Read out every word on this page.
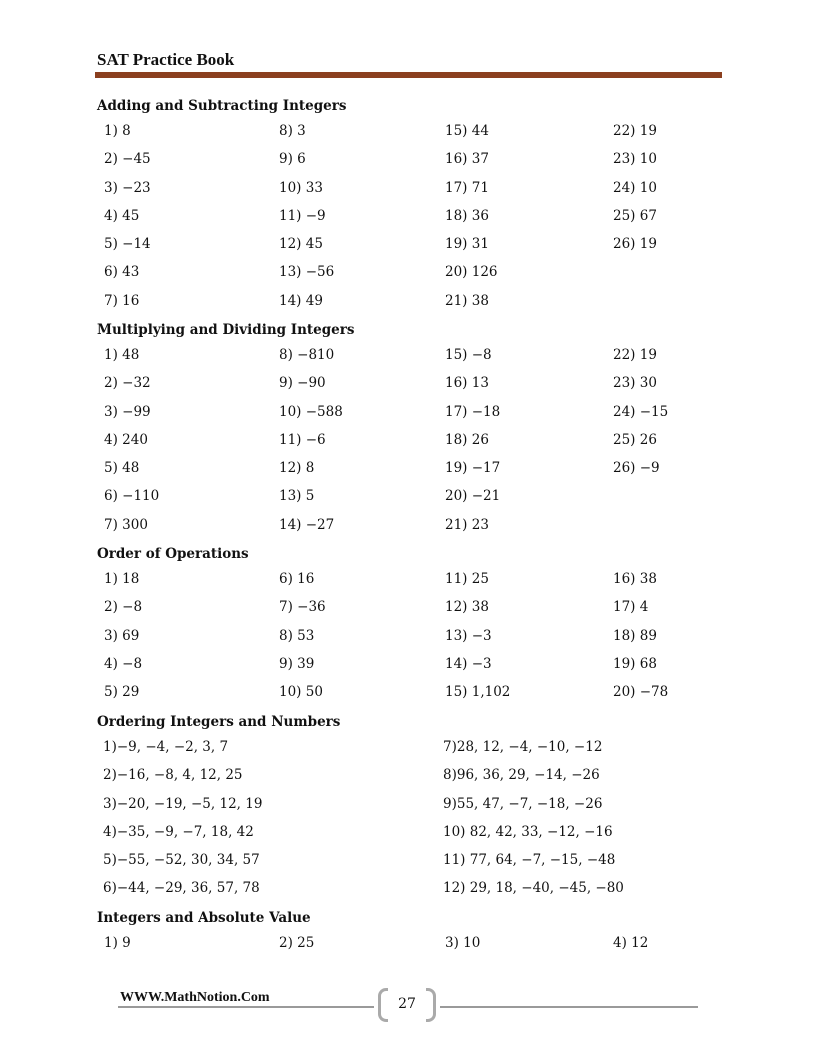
SAT Practice Book
Adding and Subtracting Integers
1) 8	8) 3	15) 44	22) 19
2) −45	9) 6	16) 37	23) 10
3) −23	10) 33	17) 71	24) 10
4) 45	11) −9	18) 36	25) 67
5) −14	12) 45	19) 31	26) 19
6) 43	13) −56	20) 126
7) 16	14) 49	21) 38
Multiplying and Dividing Integers
1) 48	8) −810	15) −8	22) 19
2) −32	9) −90	16) 13	23) 30
3) −99	10) −588	17) −18	24) −15
4) 240	11) −6	18) 26	25) 26
5) 48	12) 8	19) −17	26) −9
6) −110	13) 5	20) −21
7) 300	14) −27	21) 23
Order of Operations
1) 18	6) 16	11) 25	16) 38
2) −8	7) −36	12) 38	17) 4
3) 69	8) 53	13) −3	18) 89
4) −8	9) 39	14) −3	19) 68
5) 29	10) 50	15) 1,102	20) −78
Ordering Integers and Numbers
1)−9, −4, −2, 3, 7	7)28, 12, −4, −10, −12
2)−16, −8, 4, 12, 25	8)96, 36, 29, −14, −26
3)−20, −19, −5, 12, 19	9)55, 47, −7, −18, −26
4)−35, −9, −7, 18, 42	10) 82, 42, 33, −12, −16
5)−55, −52, 30, 34, 57	11) 77, 64, −7, −15, −48
6)−44, −29, 36, 57, 78	12) 29, 18, −40, −45, −80
Integers and Absolute Value
1) 9	2) 25	3) 10	4) 12
WWW.MathNotion.Com	27
